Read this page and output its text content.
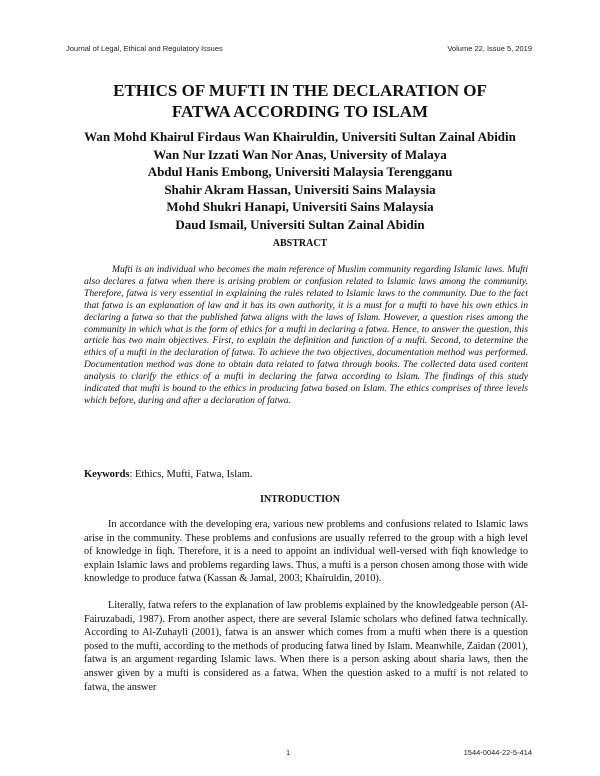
Journal of Legal, Ethical and Regulatory Issues	Volume 22, Issue 5, 2019
ETHICS OF MUFTI IN THE DECLARATION OF
FATWA ACCORDING TO ISLAM
Wan Mohd Khairul Firdaus Wan Khairuldin, Universiti Sultan Zainal Abidin
Wan Nur Izzati Wan Nor Anas, University of Malaya
Abdul Hanis Embong, Universiti Malaysia Terengganu
Shahir Akram Hassan, Universiti Sains Malaysia
Mohd Shukri Hanapi, Universiti Sains Malaysia
Daud Ismail, Universiti Sultan Zainal Abidin
ABSTRACT

Mufti is an individual who becomes the main reference of Muslim community regarding Islamic laws. Mufti also declares a fatwa when there is arising problem or confusion related to Islamic laws among the community. Therefore, fatwa is very essential in explaining the rules related to Islamic laws to the community. Due to the fact that fatwa is an explanation of law and it has its own authority, it is a must for a mufti to have his own ethics in declaring a fatwa so that the published fatwa aligns with the laws of Islam. However, a question rises among the community in which what is the form of ethics for a mufti in declaring a fatwa. Hence, to answer the question, this article has two main objectives. First, to explain the definition and function of a mufti. Second, to determine the ethics of a mufti in the declaration of fatwa. To achieve the two objectives, documentation method was performed. Documentation method was done to obtain data related to fatwa through books. The collected data used content analysis to clarify the ethics of a mufti in declaring the fatwa according to Islam. The findings of this study indicated that mufti is bound to the ethics in producing fatwa based on Islam. The ethics comprises of three levels which before, during and after a declaration of fatwa.

Keywords: Ethics, Mufti, Fatwa, Islam.

INTRODUCTION

In accordance with the developing era, various new problems and confusions related to Islamic laws arise in the community. These problems and confusions are usually referred to the group with a high level of knowledge in fiqh. Therefore, it is a need to appoint an individual well-versed with fiqh knowledge to explain Islamic laws and problems regarding laws. Thus, a mufti is a person chosen among those with wide knowledge to produce fatwa (Kassan & Jamal, 2003; Khairuldin, 2010).

Literally, fatwa refers to the explanation of law problems explained by the knowledgeable person (Al-Fairuzabadi, 1987). From another aspect, there are several Islamic scholars who defined fatwa technically. According to Al-Zuhayli (2001), fatwa is an answer which comes from a mufti when there is a question posed to the mufti, according to the methods of producing fatwa lined by Islam. Meanwhile, Zaidan (2001), fatwa is an argument regarding Islamic laws. When there is a person asking about sharia laws, then the answer given by a mufti is considered as a fatwa. When the question asked to a mufti is not related to fatwa, the answer

1	1544-0044-22-5-414
